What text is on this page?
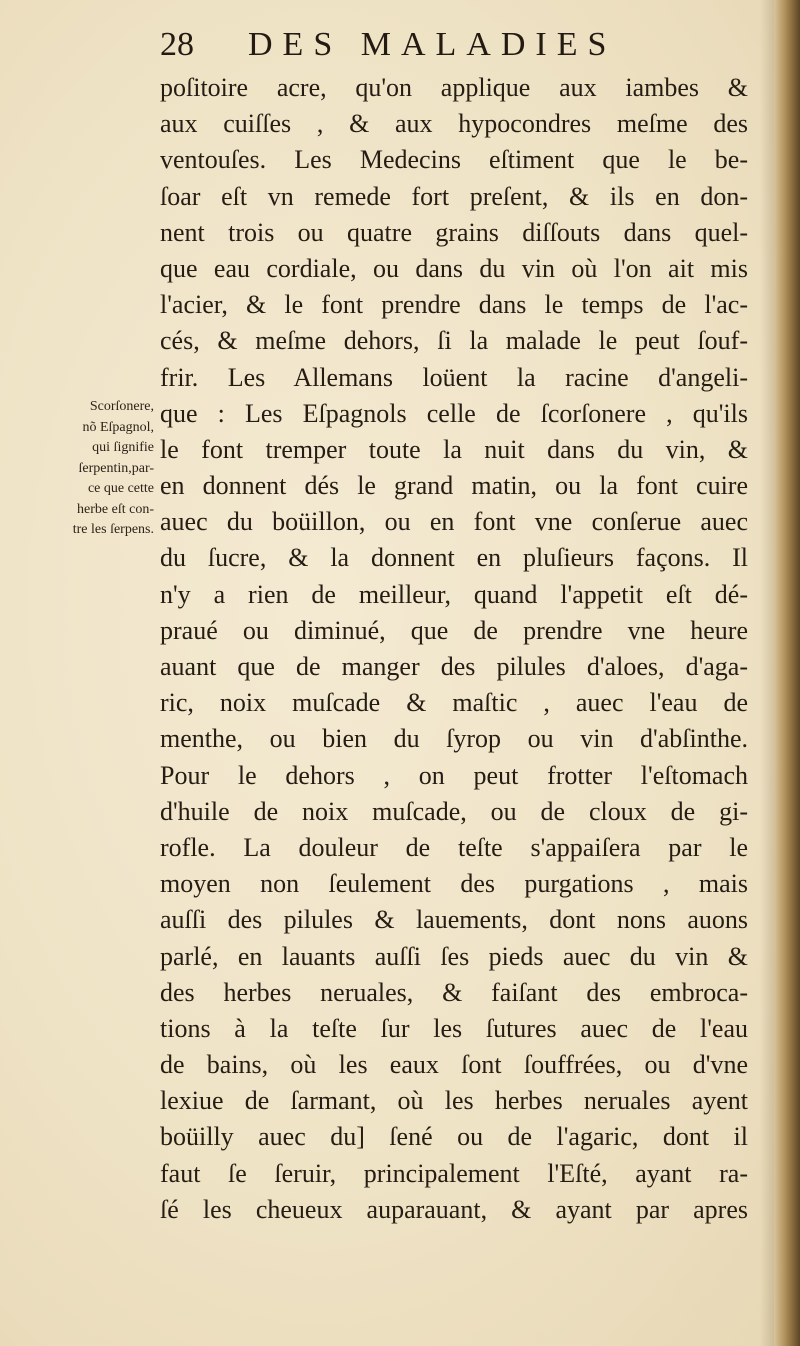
28 DES MALADIES
Scorſonere,
nõ Eſpagnol,
qui ſignifie
ſerpentin,par-
ce que cette
herbe eſt con-
tre les ſerpens.
poſitoire acre, qu'on applique aux iambes &
aux cuiſſes , & aux hypocondres meſme des
ventouſes. Les Medecins eſtiment que le be-
ſoar eſt vn remede fort preſent, & ils en don-
nent trois ou quatre grains diſſouts dans quel-
que eau cordiale, ou dans du vin où l'on ait mis
l'acier, & le font prendre dans le temps de l'ac-
cés, & meſme dehors, ſi la malade le peut ſouf-
frir. Les Allemans loüent la racine d'angeli-
que : Les Eſpagnols celle de ſcorſonere , qu'ils
le font tremper toute la nuit dans du vin, &
en donnent dés le grand matin, ou la font cuire
auec du boüillon, ou en font vne conſerue auec
du ſucre, & la donnent en pluſieurs façons. Il
n'y a rien de meilleur, quand l'appetit eſt dé-
praué ou diminué, que de prendre vne heure
auant que de manger des pilules d'aloes, d'aga-
ric, noix muſcade & maſtic , auec l'eau de
menthe, ou bien du ſyrop ou vin d'abſinthe.
Pour le dehors , on peut frotter l'eſtomach
d'huile de noix muſcade, ou de cloux de gi-
rofle. La douleur de teſte s'appaiſera par le
moyen non ſeulement des purgations , mais
auſſi des pilules & lauements, dont nons auons
parlé, en lauants auſſi ſes pieds auec du vin &
des herbes neruales, & faiſant des embroca-
tions à la teſte ſur les ſutures auec de l'eau
de bains, où les eaux ſont ſouffrées, ou d'vne
lexiue de ſarmant, où les herbes neruales ayent
boüilly auec du] ſené ou de l'agaric, dont il
faut ſe ſeruir, principalement l'Eſté, ayant ra-
ſé les cheueux auparauant, & ayant par apres
